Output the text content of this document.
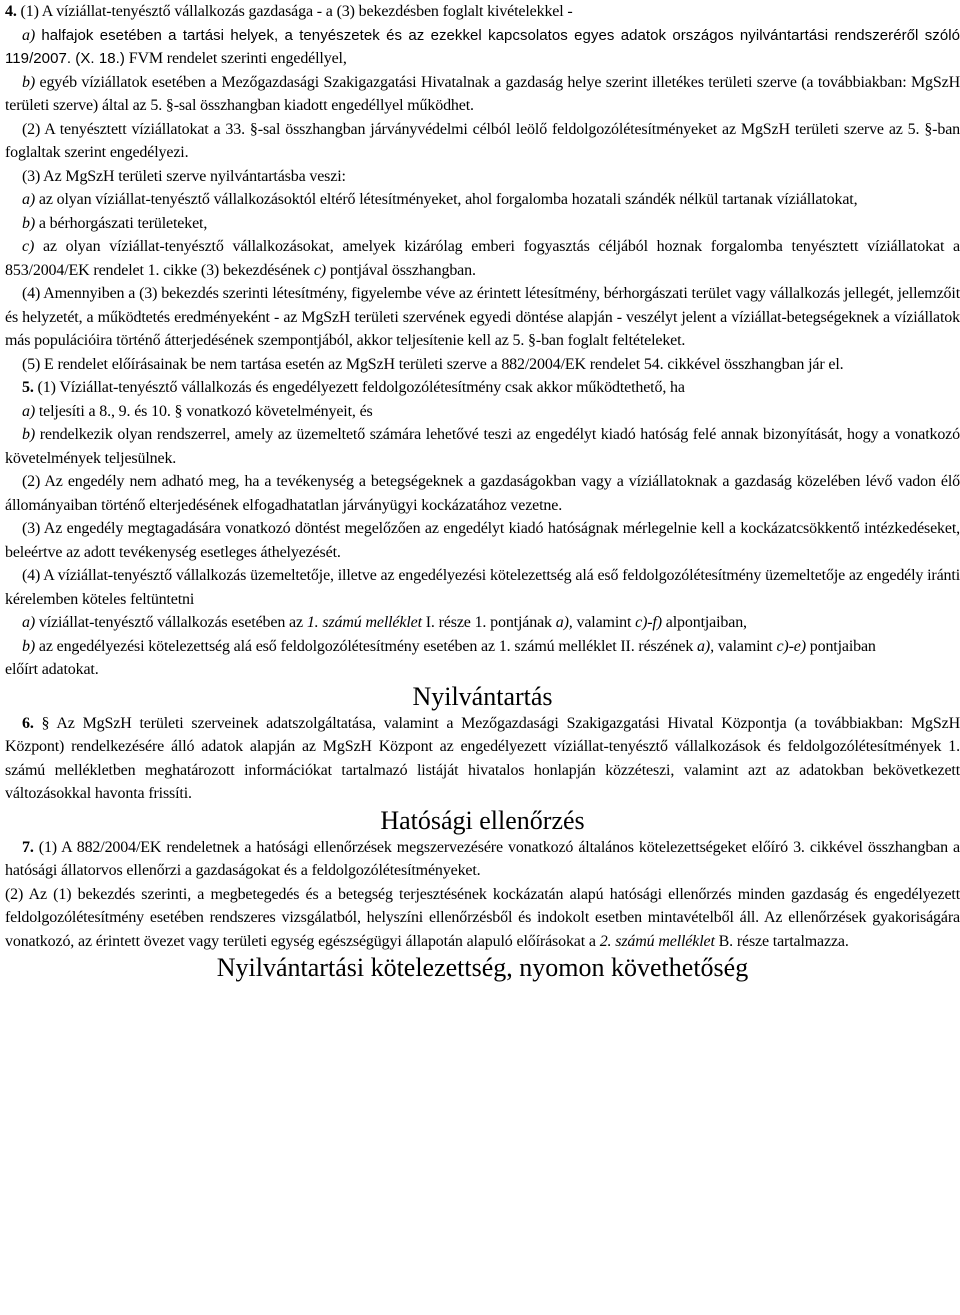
4. (1) A víziállat-tenyésztő vállalkozás gazdasága - a (3) bekezdésben foglalt kivételekkel -

a) halfajok esetében a tartási helyek, a tenyészetek és az ezekkel kapcsolatos egyes adatok országos nyilvántartási rendszeréről szóló 119/2007. (X. 18.) FVM rendelet szerinti engedéllyel,

b) egyéb víziállatok esetében a Mezőgazdasági Szakigazgatási Hivatalnak a gazdaság helye szerint illetékes területi szerve (a továbbiakban: MgSzH területi szerve) által az 5. §-sal összhangban kiadott engedéllyel működhet.

(2) A tenyésztett víziállatokat a 33. §-sal összhangban járványvédelmi célból leölő feldolgozólétesítményeket az MgSzH területi szerve az 5. §-ban foglaltak szerint engedélyezi.

(3) Az MgSzH területi szerve nyilvántartásba veszi:

a) az olyan víziállat-tenyésztő vállalkozásoktól eltérő létesítményeket, ahol forgalomba hozatali szándék nélkül tartanak víziállatokat,

b) a bérhorgászati területeket,

c) az olyan víziállat-tenyésztő vállalkozásokat, amelyek kizárólag emberi fogyasztás céljából hoznak forgalomba tenyésztett víziállatokat a 853/2004/EK rendelet 1. cikke (3) bekezdésének c) pontjával összhangban.

(4) Amennyiben a (3) bekezdés szerinti létesítmény, figyelembe véve az érintett létesítmény, bérhorgászati terület vagy vállalkozás jellegét, jellemzőit és helyzetét, a működtetés eredményeként - az MgSzH területi szervének egyedi döntése alapján - veszélyt jelent a víziállat-betegségeknek a víziállatok más populációira történő átterjedésének szempontjából, akkor teljesítenie kell az 5. §-ban foglalt feltételeket.

(5) E rendelet előírásainak be nem tartása esetén az MgSzH területi szerve a 882/2004/EK rendelet 54. cikkével összhangban jár el.

5. (1) Víziállat-tenyésztő vállalkozás és engedélyezett feldolgozólétesítmény csak akkor működtethető, ha

a) teljesíti a 8., 9. és 10. § vonatkozó követelményeit, és

b) rendelkezik olyan rendszerrel, amely az üzemeltető számára lehetővé teszi az engedélyt kiadó hatóság felé annak bizonyítását, hogy a vonatkozó követelmények teljesülnek.

(2) Az engedély nem adható meg, ha a tevékenység a betegségeknek a gazdaságokban vagy a víziállatoknak a gazdaság közelében lévő vadon élő állományaiban történő elterjedésének elfogadhatatlan járványügyi kockázatához vezetne.

(3) Az engedély megtagadására vonatkozó döntést megelőzően az engedélyt kiadó hatóságnak mérlegelnie kell a kockázatcsökkentő intézkedéseket, beleértve az adott tevékenység esetleges áthelyezését.

(4) A víziállat-tenyésztő vállalkozás üzemeltetője, illetve az engedélyezési kötelezettség alá eső feldolgozólétesítmény üzemeltetője az engedély iránti kérelemben köteles feltüntetni

a) víziállat-tenyésztő vállalkozás esetében az 1. számú melléklet I. része 1. pontjának a), valamint c)-f) alpontjaiban,

b) az engedélyezési kötelezettség alá eső feldolgozólétesítmény esetében az 1. számú melléklet II. részének a), valamint c)-e) pontjaiban

előírt adatokat.

Nyilvántartás

6. § Az MgSzH területi szerveinek adatszolgáltatása, valamint a Mezőgazdasági Szakigazgatási Hivatal Központja (a továbbiakban: MgSzH Központ) rendelkezésére álló adatok alapján az MgSzH Központ az engedélyezett víziállat-tenyésztő vállalkozások és feldolgozólétesítmények 1. számú mellékletben meghatározott információkat tartalmazó listáját hivatalos honlapján közzéteszi, valamint azt az adatokban bekövetkezett változásokkal havonta frissíti.

Hatósági ellenőrzés

7. (1) A 882/2004/EK rendeletnek a hatósági ellenőrzések megszervezésére vonatkozó általános kötelezettségeket előíró 3. cikkével összhangban a hatósági állatorvos ellenőrzi a gazdaságokat és a feldolgozólétesítményeket.

(2) Az (1) bekezdés szerinti, a megbetegedés és a betegség terjesztésének kockázatán alapú hatósági ellenőrzés minden gazdaság és engedélyezett feldolgozólétesítmény esetében rendszeres vizsgálatból, helyszíni ellenőrzésből és indokolt esetben mintavételből áll. Az ellenőrzések gyakoriságára vonatkozó, az érintett övezet vagy területi egység egészségügyi állapotán alapuló előírásokat a 2. számú melléklet B. része tartalmazza.

Nyilvántartási kötelezettség, nyomon követhetőség
